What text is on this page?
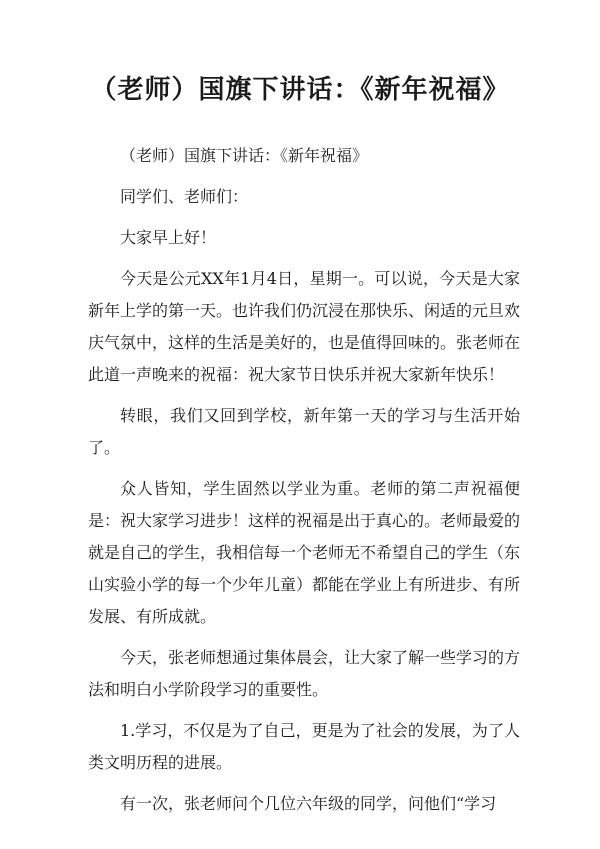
（老师）国旗下讲话：《新年祝福》

（老师）国旗下讲话：《新年祝福》

同学们、老师们：

大家早上好！

今天是公元XX年1月4日，星期一。可以说，今天是大家新年上学的第一天。也许我们仍沉浸在那快乐、闲适的元旦欢庆气氛中，这样的生活是美好的，也是值得回味的。张老师在此道一声晚来的祝福：祝大家节日快乐并祝大家新年快乐！

转眼，我们又回到学校，新年第一天的学习与生活开始了。

众人皆知，学生固然以学业为重。老师的第二声祝福便是：祝大家学习进步！这样的祝福是出于真心的。老师最爱的就是自己的学生，我相信每一个老师无不希望自己的学生（东山实验小学的每一个少年儿童）都能在学业上有所进步、有所发展、有所成就。

今天，张老师想通过集体晨会，让大家了解一些学习的方法和明白小学阶段学习的重要性。

1.学习，不仅是为了自己，更是为了社会的发展，为了人类文明历程的进展。

有一次，张老师问个几位六年级的同学，问他们“学习
